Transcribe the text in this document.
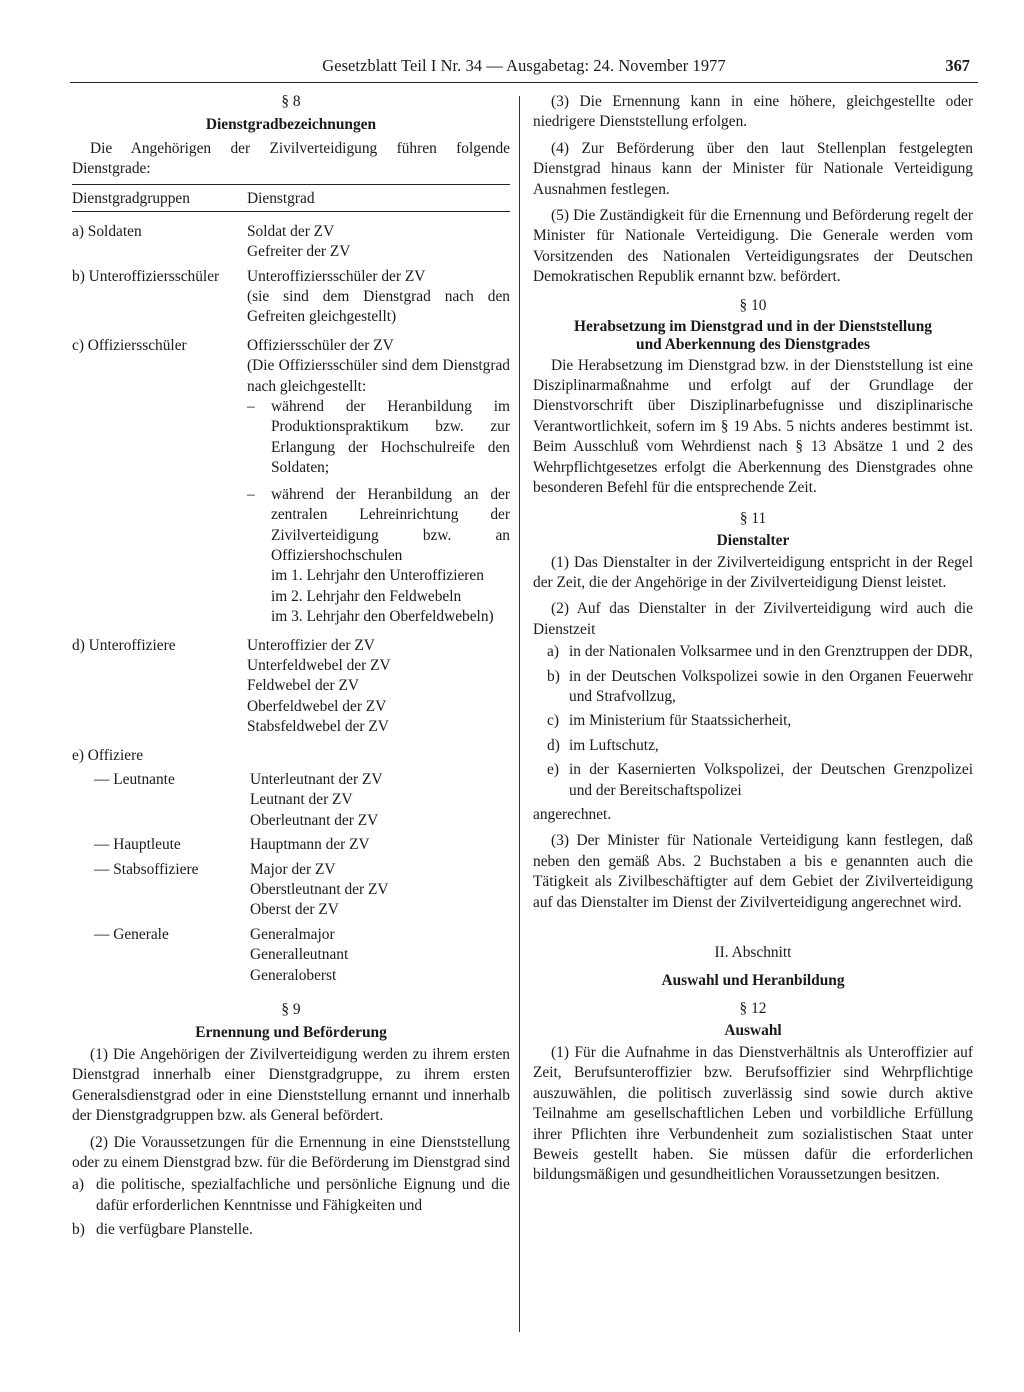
Gesetzblatt Teil I Nr. 34 — Ausgabetag: 24. November 1977	367
§ 8
Dienstgradbezeichnungen

Die Angehörigen der Zivilverteidigung führen folgende Dienstgrade:

Dienstgradgruppen	Dienstgrad
a) Soldaten	Soldat der ZV
Gefreiter der ZV
b) Unteroffiziersschüler	Unteroffiziersschüler der ZV
(sie sind dem Dienstgrad nach den Gefreiten gleichgestellt)
c) Offiziersschüler	Offiziersschüler der ZV
(Die Offiziersschüler sind dem Dienstgrad nach gleichgestellt:
–	während der Heranbildung im Produktionspraktikum bzw. zur Erlangung der Hochschulreife den Soldaten;
–	während der Heranbildung an der zentralen Lehreinrichtung der Zivilverteidigung bzw. an Offiziershochschulen
im 1. Lehrjahr den Unteroffizieren
im 2. Lehrjahr den Feldwebeln
im 3. Lehrjahr den Oberfeldwebeln)
d) Unteroffiziere	Unteroffizier der ZV
Unterfeldwebel der ZV
Feldwebel der ZV
Oberfeldwebel der ZV
Stabsfeldwebel der ZV
e) Offiziere
— Leutnante	Unterleutnant der ZV
Leutnant der ZV
Oberleutnant der ZV
— Hauptleute	Hauptmann der ZV
— Stabsoffiziere	Major der ZV
Oberstleutnant der ZV
Oberst der ZV
— Generale	Generalmajor
Generalleutnant
Generaloberst
§ 9
Ernennung und Beförderung

(1) Die Angehörigen der Zivilverteidigung werden zu ihrem ersten Dienstgrad innerhalb einer Dienstgradgruppe, zu ihrem ersten Generalsdienstgrad oder in eine Dienststellung ernannt und innerhalb der Dienstgradgruppen bzw. als General befördert.

(2) Die Voraussetzungen für die Ernennung in eine Dienststellung oder zu einem Dienstgrad bzw. für die Beförderung im Dienstgrad sind

a) die politische, spezialfachliche und persönliche Eignung und die dafür erforderlichen Kenntnisse und Fähigkeiten und
b) die verfügbare Planstelle.

(3) Die Ernennung kann in eine höhere, gleichgestellte oder niedrigere Dienststellung erfolgen.

(4) Zur Beförderung über den laut Stellenplan festgelegten Dienstgrad hinaus kann der Minister für Nationale Verteidigung Ausnahmen festlegen.

(5) Die Zuständigkeit für die Ernennung und Beförderung regelt der Minister für Nationale Verteidigung. Die Generale werden vom Vorsitzenden des Nationalen Verteidigungsrates der Deutschen Demokratischen Republik ernannt bzw. befördert.

§ 10
Herabsetzung im Dienstgrad und in der Dienststellung
und Aberkennung des Dienstgrades

Die Herabsetzung im Dienstgrad bzw. in der Dienststellung ist eine Disziplinarmaßnahme und erfolgt auf der Grundlage der Dienstvorschrift über Disziplinarbefugnisse und disziplinarische Verantwortlichkeit, sofern im § 19 Abs. 5 nichts anderes bestimmt ist. Beim Ausschluß vom Wehrdienst nach § 13 Absätze 1 und 2 des Wehrpflichtgesetzes erfolgt die Aberkennung des Dienstgrades ohne besonderen Befehl für die entsprechende Zeit.

§ 11
Dienstalter

(1) Das Dienstalter in der Zivilverteidigung entspricht in der Regel der Zeit, die der Angehörige in der Zivilverteidigung Dienst leistet.

(2) Auf das Dienstalter in der Zivilverteidigung wird auch die Dienstzeit

a) in der Nationalen Volksarmee und in den Grenztruppen der DDR,
b) in der Deutschen Volkspolizei sowie in den Organen Feuerwehr und Strafvollzug,
c) im Ministerium für Staatssicherheit,
d) im Luftschutz,
e) in der Kasernierten Volkspolizei, der Deutschen Grenzpolizei und der Bereitschaftspolizei

angerechnet.

(3) Der Minister für Nationale Verteidigung kann festlegen, daß neben den gemäß Abs. 2 Buchstaben a bis e genannten auch die Tätigkeit als Zivilbeschäftigter auf dem Gebiet der Zivilverteidigung auf das Dienstalter im Dienst der Zivilverteidigung angerechnet wird.

II. Abschnitt
Auswahl und Heranbildung
§ 12
Auswahl

(1) Für die Aufnahme in das Dienstverhältnis als Unteroffizier auf Zeit, Berufsunteroffizier bzw. Berufsoffizier sind Wehrpflichtige auszuwählen, die politisch zuverlässig sind sowie durch aktive Teilnahme am gesellschaftlichen Leben und vorbildliche Erfüllung ihrer Pflichten ihre Verbundenheit zum sozialistischen Staat unter Beweis gestellt haben. Sie müssen dafür die erforderlichen bildungsmäßigen und gesundheitlichen Voraussetzungen besitzen.
